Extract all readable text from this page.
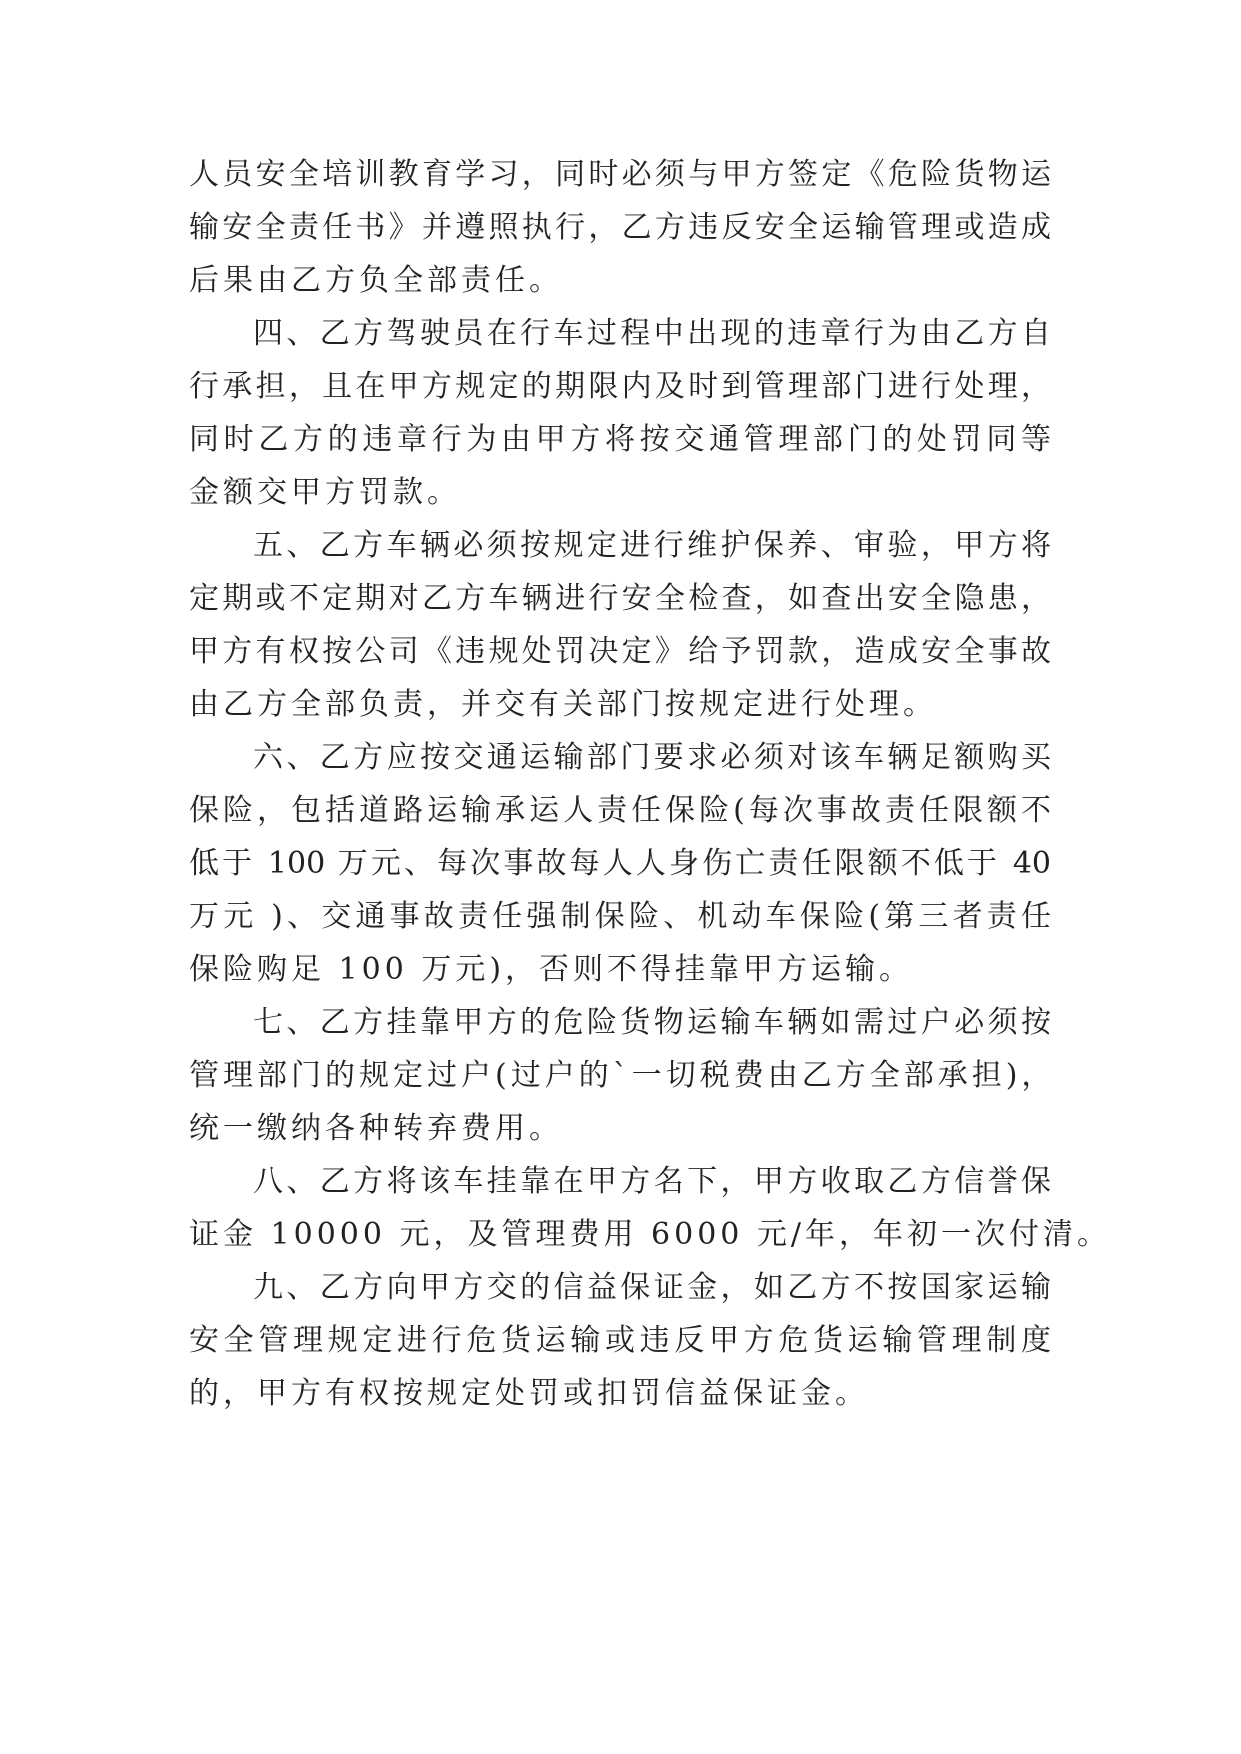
人员安全培训教育学习，同时必须与甲方签定《危险货物运
输安全责任书》并遵照执行，乙方违反安全运输管理或造成
后果由乙方负全部责任。
四、乙方驾驶员在行车过程中出现的违章行为由乙方自
行承担，且在甲方规定的期限内及时到管理部门进行处理，
同时乙方的违章行为由甲方将按交通管理部门的处罚同等
金额交甲方罚款。
五、乙方车辆必须按规定进行维护保养、审验，甲方将
定期或不定期对乙方车辆进行安全检查，如查出安全隐患，
甲方有权按公司《违规处罚决定》给予罚款，造成安全事故
由乙方全部负责，并交有关部门按规定进行处理。
六、乙方应按交通运输部门要求必须对该车辆足额购买
保险，包括道路运输承运人责任保险(每次事故责任限额不
低于 100 万元、每次事故每人人身伤亡责任限额不低于 40
万元 )、交通事故责任强制保险、机动车保险(第三者责任
保险购足 100 万元)，否则不得挂靠甲方运输。
七、乙方挂靠甲方的危险货物运输车辆如需过户必须按
管理部门的规定过户(过户的`一切税费由乙方全部承担)，
统一缴纳各种转弃费用。
八、乙方将该车挂靠在甲方名下，甲方收取乙方信誉保
证金 10000 元，及管理费用 6000 元/年，年初一次付清。
九、乙方向甲方交的信益保证金，如乙方不按国家运输
安全管理规定进行危货运输或违反甲方危货运输管理制度
的，甲方有权按规定处罚或扣罚信益保证金。
